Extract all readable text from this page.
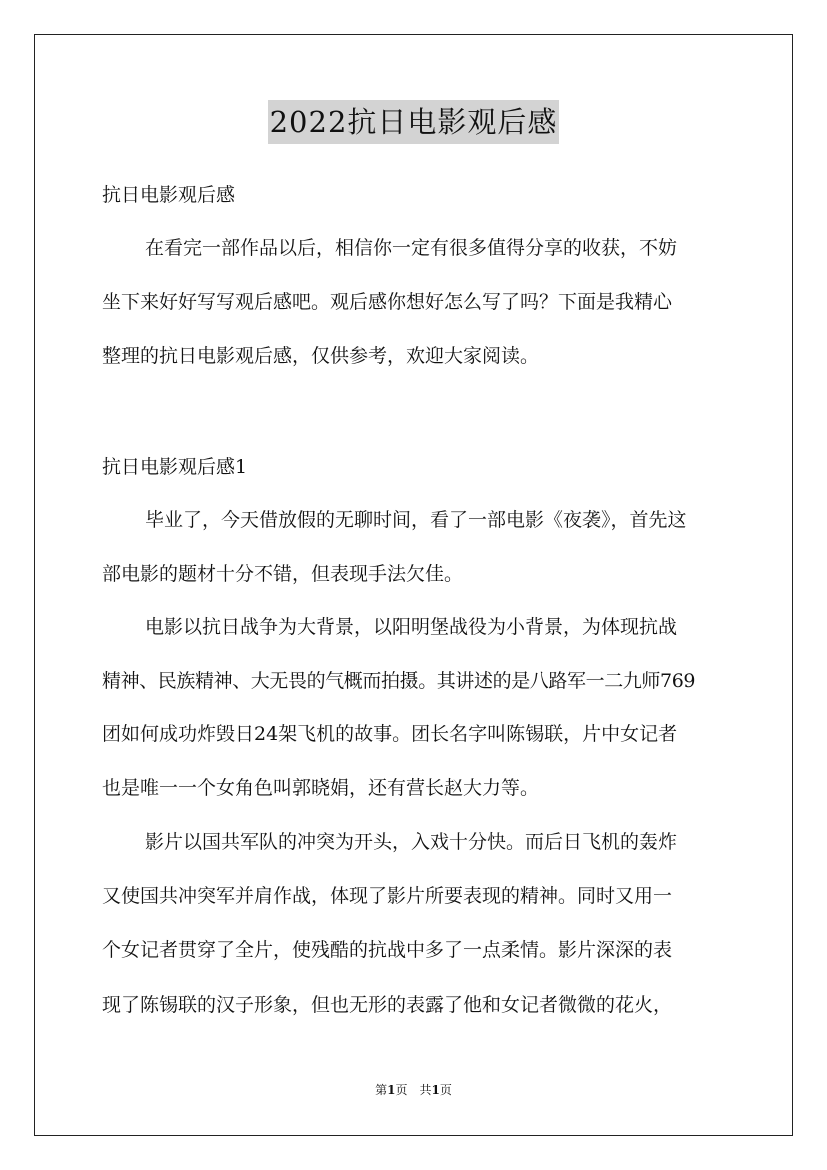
2022抗日电影观后感
抗日电影观后感
在看完一部作品以后，相信你一定有很多值得分享的收获，不妨
坐下来好好写写观后感吧。观后感你想好怎么写了吗？下面是我精心
整理的抗日电影观后感，仅供参考，欢迎大家阅读。
抗日电影观后感1
毕业了，今天借放假的无聊时间，看了一部电影《夜袭》，首先这
部电影的题材十分不错，但表现手法欠佳。
电影以抗日战争为大背景，以阳明堡战役为小背景，为体现抗战
精神、民族精神、大无畏的气概而拍摄。其讲述的是八路军一二九师769
团如何成功炸毁日24架飞机的故事。团长名字叫陈锡联，片中女记者
也是唯一一个女角色叫郭晓娟，还有营长赵大力等。
影片以国共军队的冲突为开头，入戏十分快。而后日飞机的轰炸
又使国共冲突军并肩作战，体现了影片所要表现的精神。同时又用一
个女记者贯穿了全片，使残酷的抗战中多了一点柔情。影片深深的表
现了陈锡联的汉子形象，但也无形的表露了他和女记者微微的花火，
第1页 共1页
